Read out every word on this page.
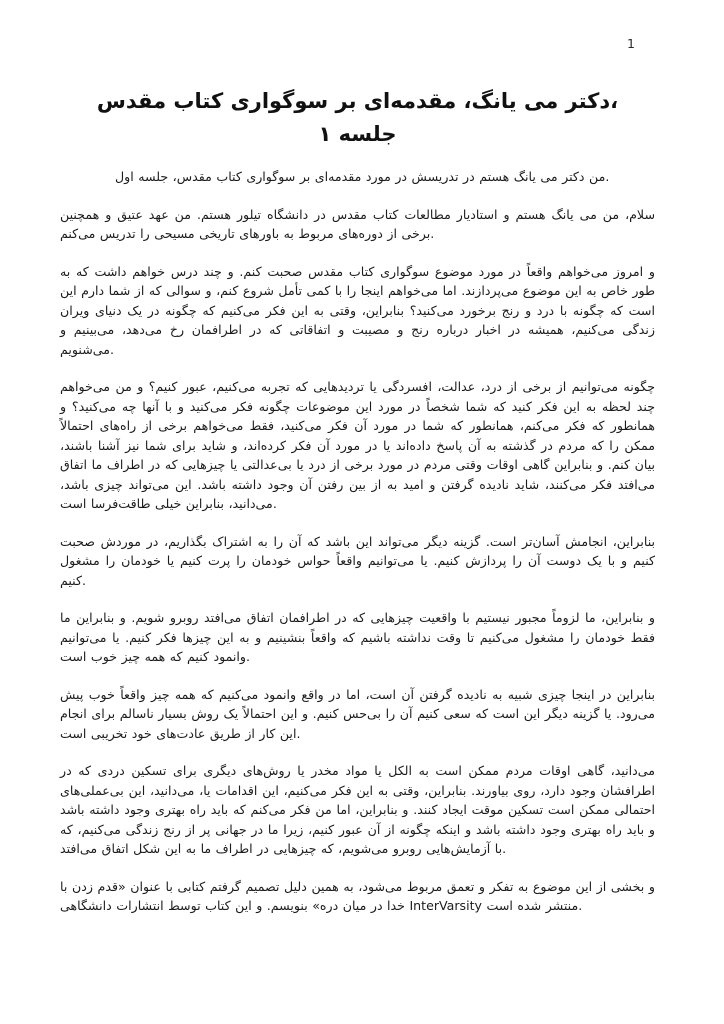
1
دکتر می یانگ، مقدمه‌ای بر سوگواری کتاب مقدس،
جلسه ۱
من دکتر می یانگ هستم در تدریسش در مورد مقدمه‌ای بر سوگواری کتاب مقدس، جلسه اول.
سلام، من می یانگ هستم و استادیار مطالعات کتاب مقدس در دانشگاه تیلور هستم. من عهد عتیق و همچنین برخی از دوره‌های مربوط به باورهای تاریخی مسیحی را تدریس می‌کنم.
و امروز می‌خواهم واقعاً در مورد موضوع سوگواری کتاب مقدس صحبت کنم. و چند درس خواهم داشت که به طور خاص به این موضوع می‌پردازند. اما می‌خواهم اینجا را با کمی تأمل شروع کنم، و سوالی که از شما دارم این است که چگونه با درد و رنج برخورد می‌کنید؟ بنابراین، وقتی به این فکر می‌کنیم که چگونه در یک دنیای ویران زندگی می‌کنیم، همیشه در اخبار درباره رنج و مصیبت و اتفاقاتی که در اطرافمان رخ می‌دهد، می‌بینیم و می‌شنویم.
چگونه می‌توانیم از برخی از درد، عدالت، افسردگی یا تردیدهایی که تجربه می‌کنیم، عبور کنیم؟ و من می‌خواهم چند لحظه به این فکر کنید که شما شخصاً در مورد این موضوعات چگونه فکر می‌کنید و با آنها چه می‌کنید؟ و همانطور که فکر می‌کنم، همانطور که شما در مورد آن فکر می‌کنید، فقط می‌خواهم برخی از راه‌های احتمالاً ممکن را که مردم در گذشته به آن پاسخ داده‌اند یا در مورد آن فکر کرده‌اند، و شاید برای شما نیز آشنا باشند، بیان کنم. و بنابراین گاهی اوقات وقتی مردم در مورد برخی از درد یا بی‌عدالتی یا چیزهایی که در اطراف ما اتفاق می‌افتد فکر می‌کنند، شاید نادیده گرفتن و امید به از بین رفتن آن وجود داشته باشد. این می‌تواند چیزی باشد، می‌دانید، بنابراین خیلی طاقت‌فرسا است.
بنابراین، انجامش آسان‌تر است. گزینه دیگر می‌تواند این باشد که آن را به اشتراک بگذاریم، در موردش صحبت کنیم و با یک دوست آن را پردازش کنیم. یا می‌توانیم واقعاً حواس خودمان را پرت کنیم یا خودمان را مشغول کنیم.
و بنابراین، ما لزوماً مجبور نیستیم با واقعیت چیزهایی که در اطرافمان اتفاق می‌افتد روبرو شویم. و بنابراین ما فقط خودمان را مشغول می‌کنیم تا وقت نداشته باشیم که واقعاً بنشینیم و به این چیزها فکر کنیم. یا می‌توانیم وانمود کنیم که همه چیز خوب است.
بنابراین در اینجا چیزی شبیه به نادیده گرفتن آن است، اما در واقع وانمود می‌کنیم که همه چیز واقعاً خوب پیش می‌رود. یا گزینه دیگر این است که سعی کنیم آن را بی‌حس کنیم. و این احتمالاً یک روش بسیار ناسالم برای انجام این کار از طریق عادت‌های خود تخریبی است.
می‌دانید، گاهی اوقات مردم ممکن است به الکل یا مواد مخدر یا روش‌های دیگری برای تسکین دردی که در اطرافشان وجود دارد، روی بیاورند. بنابراین، وقتی به این فکر می‌کنیم، این اقدامات یا، می‌دانید، این بی‌عملی‌های احتمالی ممکن است تسکین موقت ایجاد کنند. و بنابراین، اما من فکر می‌کنم که باید راه بهتری وجود داشته باشد و باید راه بهتری وجود داشته باشد و اینکه چگونه از آن عبور کنیم، زیرا ما در جهانی پر از رنج زندگی می‌کنیم، که با آزمایش‌هایی روبرو می‌شویم، که چیزهایی در اطراف ما به این شکل اتفاق می‌افتد.
و بخشی از این موضوع به تفکر و تعمق مربوط می‌شود، به همین دلیل تصمیم گرفتم کتابی با عنوان «قدم زدن با خدا در میان دره» بنویسم. و این کتاب توسط انتشارات دانشگاهی InterVarsity منتشر شده است.
